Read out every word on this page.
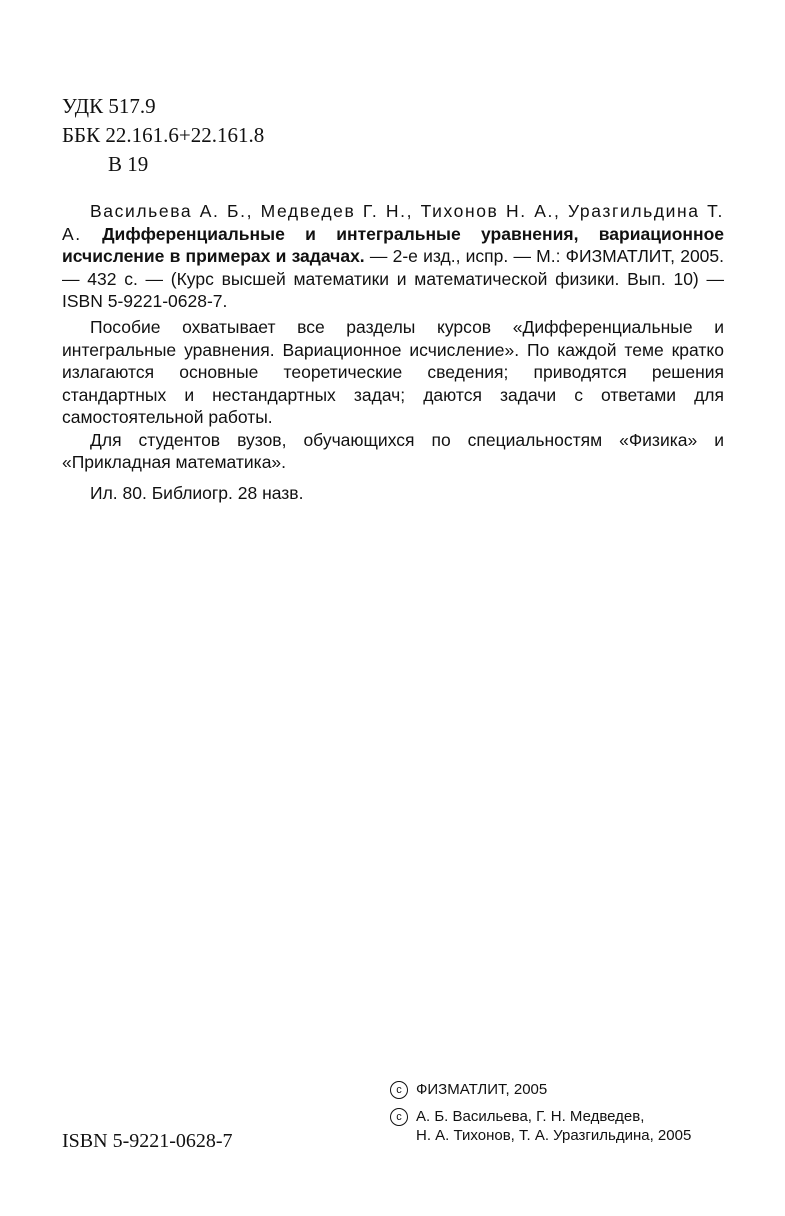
УДК 517.9
ББК 22.161.6+22.161.8
В 19
Васильева А. Б., Медведев Г. Н., Тихонов Н. А., Уразгильдина Т. А. Дифференциальные и интегральные уравнения, вариационное исчисление в примерах и задачах. — 2-е изд., испр. — М.: ФИЗМАТЛИТ, 2005. — 432 с. — (Курс высшей математики и математической физики. Вып. 10) — ISBN 5-9221-0628-7.

Пособие охватывает все разделы курсов «Дифференциальные и интегральные уравнения. Вариационное исчисление». По каждой теме кратко излагаются основные теоретические сведения; приводятся решения стандартных и нестандартных задач; даются задачи с ответами для самостоятельной работы.

Для студентов вузов, обучающихся по специальностям «Физика» и «Прикладная математика».

Ил. 80. Библиогр. 28 назв.

ISBN 5-9221-0628-7
c ФИЗМАТЛИТ, 2005
c А. Б. Васильева, Г. Н. Медведев,
Н. А. Тихонов, Т. А. Уразгильдина, 2005
